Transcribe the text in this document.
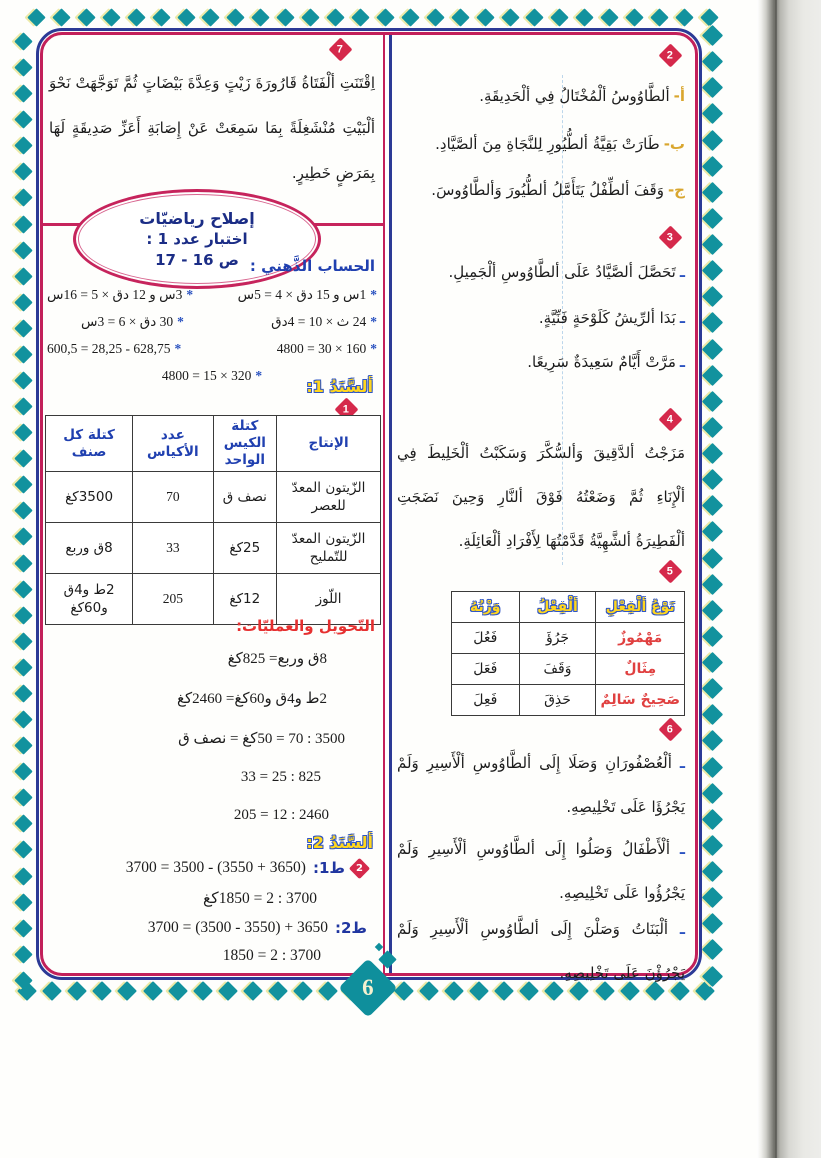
2
أ-
ألطَّاوُوسُ ألْمُخْتَالُ فِي ألْحَدِيقَةِ.
ب-
طَارَتْ بَقِيَّةُ ألطُّيُورِ لِلنَّجَاةِ مِنَ ألصَّيَّادِ.
ج-
وَقَفَ ألطِّفْلُ يَتَأَمَّلُ ألطُّيُورَ وَألطَّاوُوسَ.
3
ـ
تَحَصَّلَ ألصَّيَّادُ عَلَى ألطَّاوُوسِ ألْجَمِيلِ.
ـ
بَدَا ألرِّيشُ كَلَوْحَةٍ فَنِّيَّةٍ.
ـ
مَرَّتْ أَيَّامٌ سَعِيدَةٌ سَرِيعًا.
4
مَزَجْتُ ألدَّقِيقَ وَألسُّكَّرَ وَسَكَبْتُ ألْخَلِيطَ فِي ألْإِنَاءِ ثُمَّ وَضَعْتُهُ فَوْقَ ألنَّارِ وَحِينَ نَضَجَتِ ألْفَطِيرَةُ ألشَّهِيَّةُ قَدَّمْتُهَا لِأَفْرَادِ ألْعَائِلَةِ.
5
نَوْعُ ألْفِعْلِ	ألْفِعْلُ	وَزْنُهُ
مَهْمُوزٌ	جَرُؤَ	فَعُلَ
مِثَالٌ	وَقَفَ	فَعَلَ
صَحِيحٌ سَالِمٌ	حَذِقَ	فَعِلَ
6
ـ ألْعُصْفُورَانِ وَصَلَا إِلَى ألطَّاوُوسِ ألْأَسِيرِ وَلَمْ يَجْرُؤَا عَلَى تَخْلِيصِهِ.
ـ ألْأَطْفَالُ وَصَلُوا إِلَى ألطَّاوُوسِ ألْأَسِيرِ وَلَمْ يَجْرُؤُوا عَلَى تَخْلِيصِهِ.
ـ ألْبَنَاتُ وَصَلْنَ إِلَى ألطَّاوُوسِ ألْأَسِيرِ وَلَمْ يَجْرُؤْنَ عَلَى تَخْلِيصِهِ.
7
اِقْتَنَتِ ألْفَتَاةُ قَارُورَةَ زَيْتٍ وَعِدَّةَ بَيْضَاتٍ ثُمَّ تَوَجَّهَتْ نَحْوَ ألْبَيْتِ مُنْشَغِلَةً بِمَا سَمِعَتْ عَنْ إِصَابَةِ أَعَزِّ صَدِيقَةٍ لَهَا بِمَرَضٍ خَطِيرٍ.
إصلاح رياضيّات
اختبار عدد 1 :
ص 16 - 17 الحساب الذَّهني :
*
1س و 15 دق × 4 = 5س
*
3س و 12 دق × 5 = 16س
*
24 ث × 10 = 4دق
*
30 دق × 6 = 3س
*
160 × 30 = 4800
*
628,75 - 28,25 = 600,5
*
320 × 15 = 4800
ألسَّنَدُ 1:
1
الإنتاج	كتلة الكيس الواحد	عدد الأكياس	كتلة كل صنف
الزّيتون المعدّ للعصر	نصف ق	70	3500كغ
الزّيتون المعدّ للتّمليح	25كغ	33	8ق وربع
اللّوز	12كغ	205	2ط و4ق و60كغ
التّحويل والعمليّات:
8ق وربع= 825كغ
2ط و4ق و60كغ= 2460كغ
3500 : 70 = 50كغ = نصف ق
825 : 25 = 33
2460 : 12 = 205
ألسَّنَدُ 2:
2
ط1:
(3650 + 3550) - 3500 = 3700
3700 : 2 = 1850كغ
ط2:
3650 + (3550 - 3500) = 3700
3700 : 2 = 1850
6
